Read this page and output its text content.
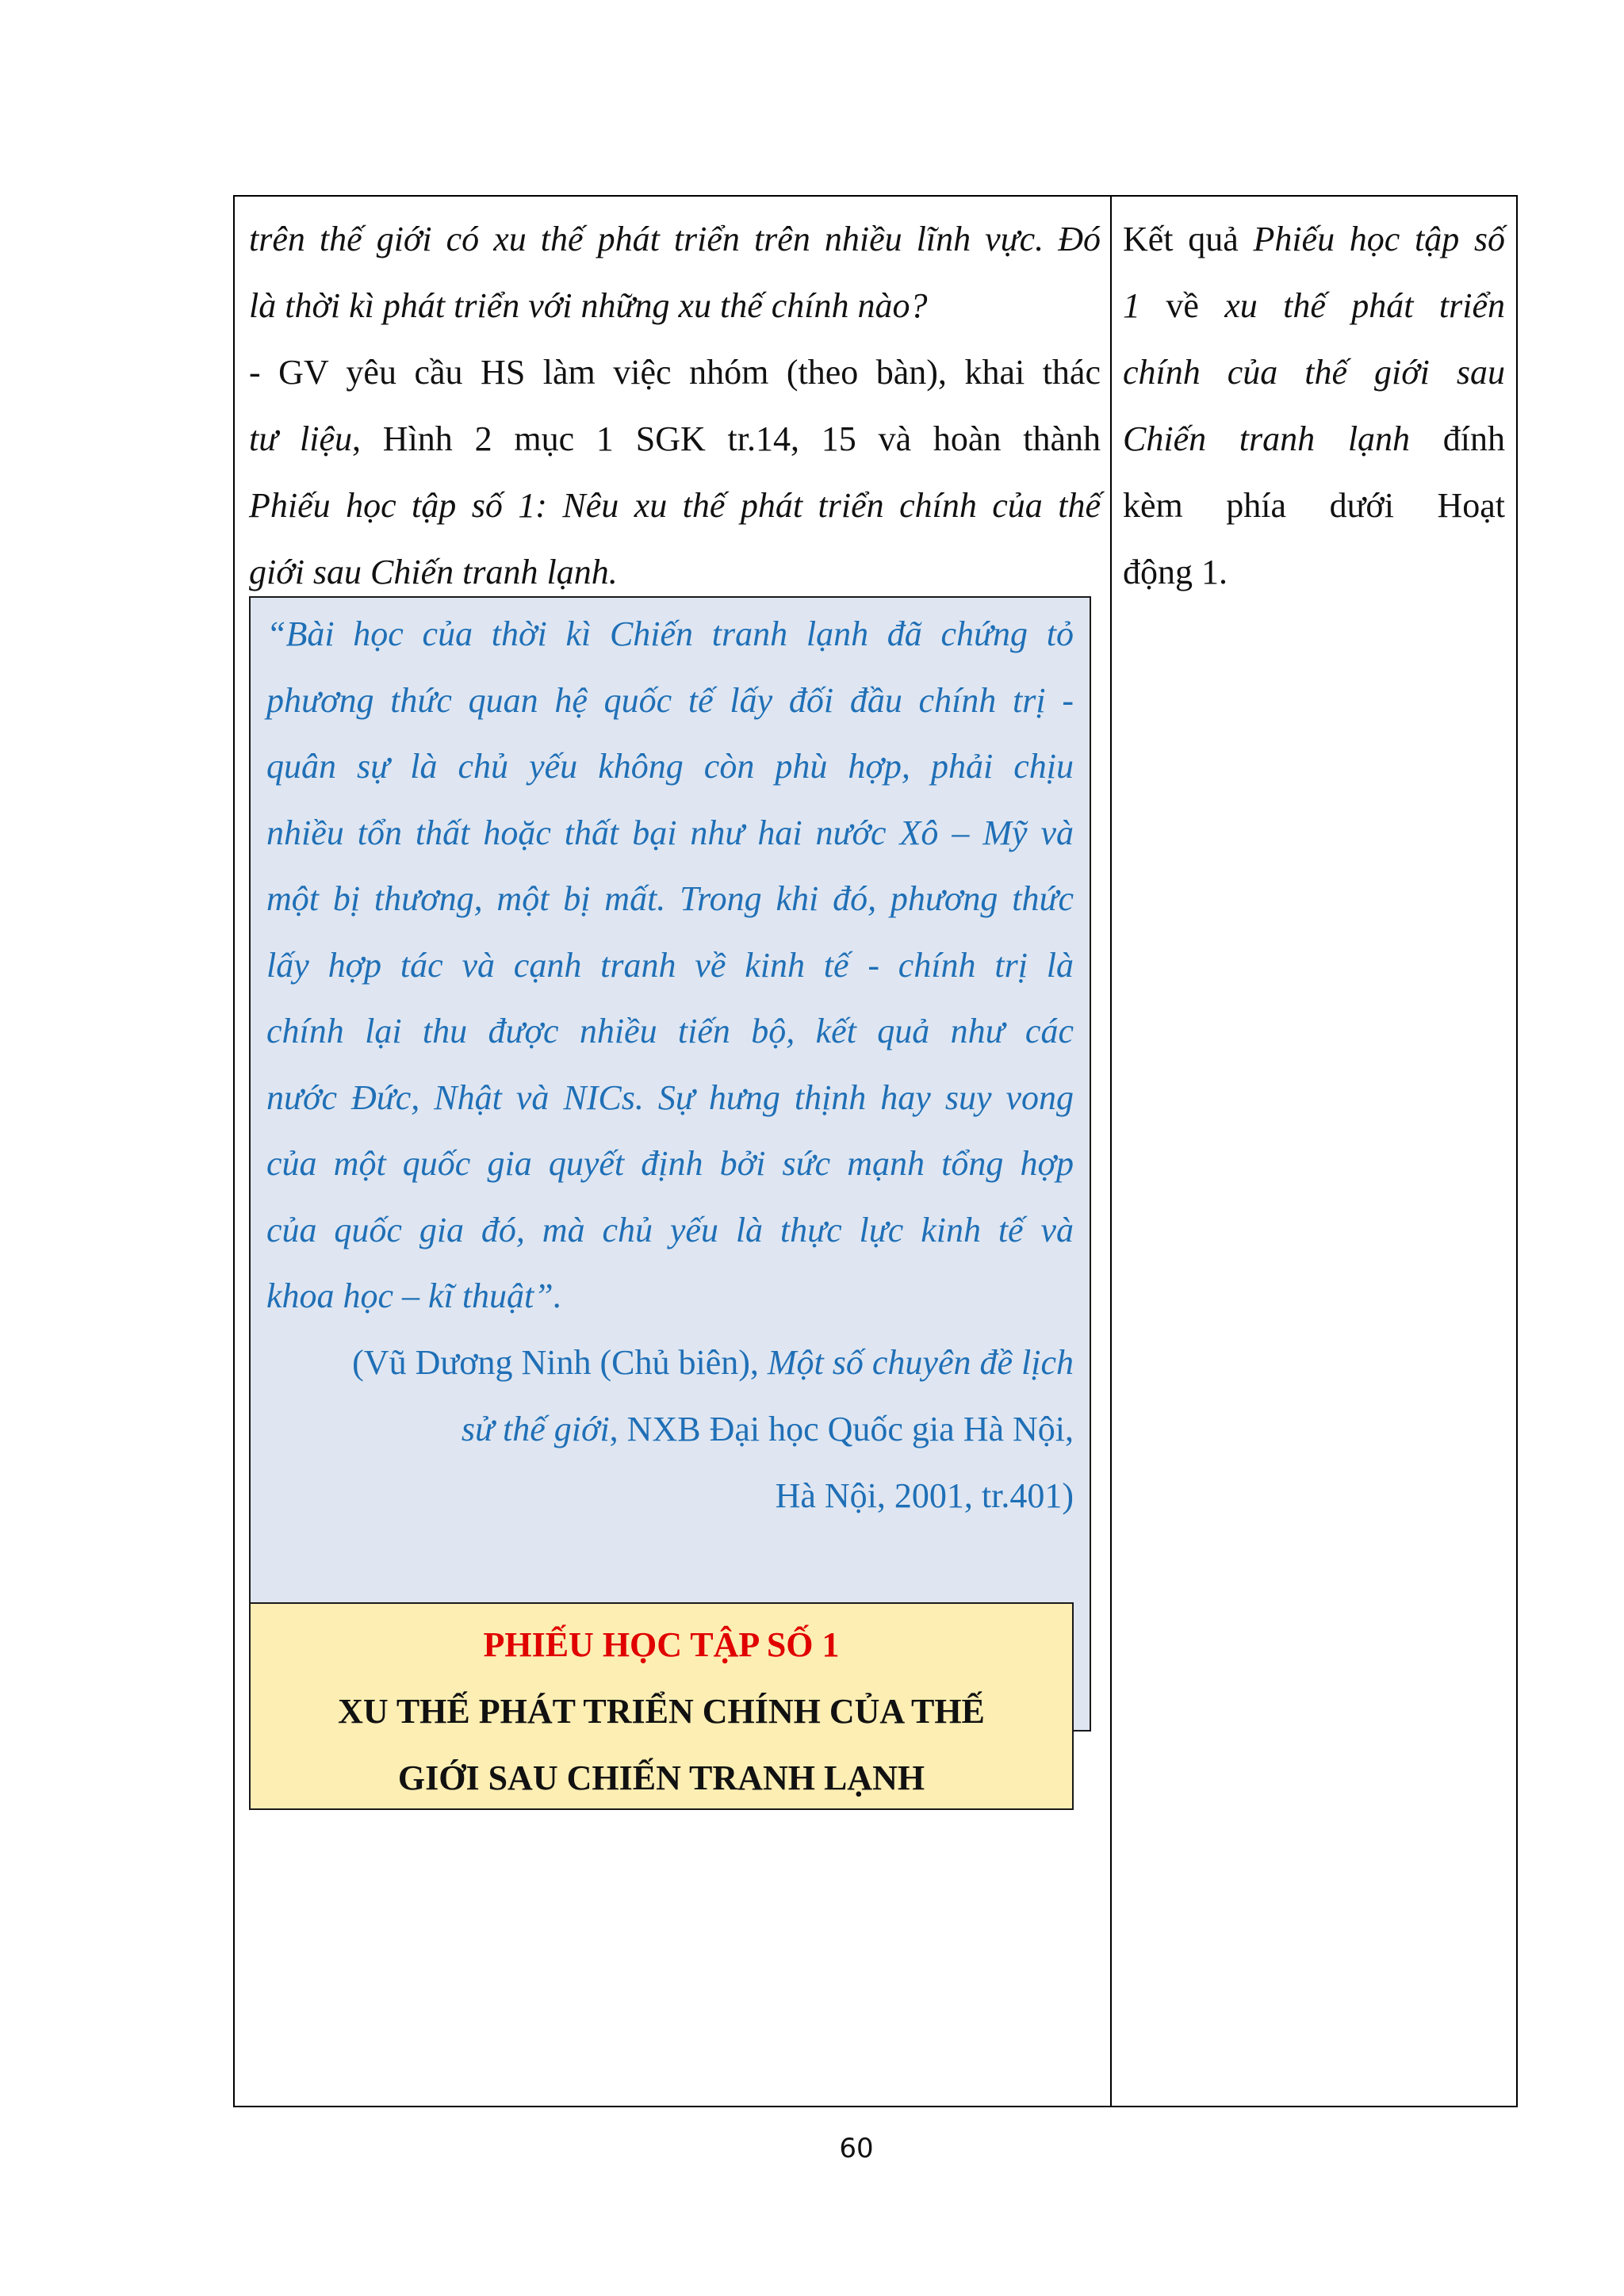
trên thế giới có xu thế phát triển trên nhiều lĩnh vực. Đó

là thời kì phát triển với những xu thế chính nào?

- GV yêu cầu HS làm việc nhóm (theo bàn), khai thác

tư liệu, Hình 2 mục 1 SGK tr.14, 15 và hoàn thành

Phiếu học tập số 1: Nêu xu thế phát triển chính của thế

giới sau Chiến tranh lạnh.

“Bài học của thời kì Chiến tranh lạnh đã chứng tỏ

phương thức quan hệ quốc tế lấy đối đầu chính trị -

quân sự là chủ yếu không còn phù hợp, phải chịu

nhiều tổn thất hoặc thất bại như hai nước Xô – Mỹ và

một bị thương, một bị mất. Trong khi đó, phương thức

lấy hợp tác và cạnh tranh về kinh tế - chính trị là

chính lại thu được nhiều tiến bộ, kết quả như các

nước Đức, Nhật và NICs. Sự hưng thịnh hay suy vong

của một quốc gia quyết định bởi sức mạnh tổng hợp

của quốc gia đó, mà chủ yếu là thực lực kinh tế và

khoa học – kĩ thuật”.

(Vũ Dương Ninh (Chủ biên), Một số chuyên đề lịch

sử thế giới, NXB Đại học Quốc gia Hà Nội,

Hà Nội, 2001, tr.401)

PHIẾU HỌC TẬP SỐ 1

XU THẾ PHÁT TRIỂN CHÍNH CỦA THẾ

GIỚI SAU CHIẾN TRANH LẠNH

Kết quả Phiếu học tập số

1 về xu thế phát triển

chính của thế giới sau

Chiến tranh lạnh đính

kèm phía dưới Hoạt

động 1.

60
